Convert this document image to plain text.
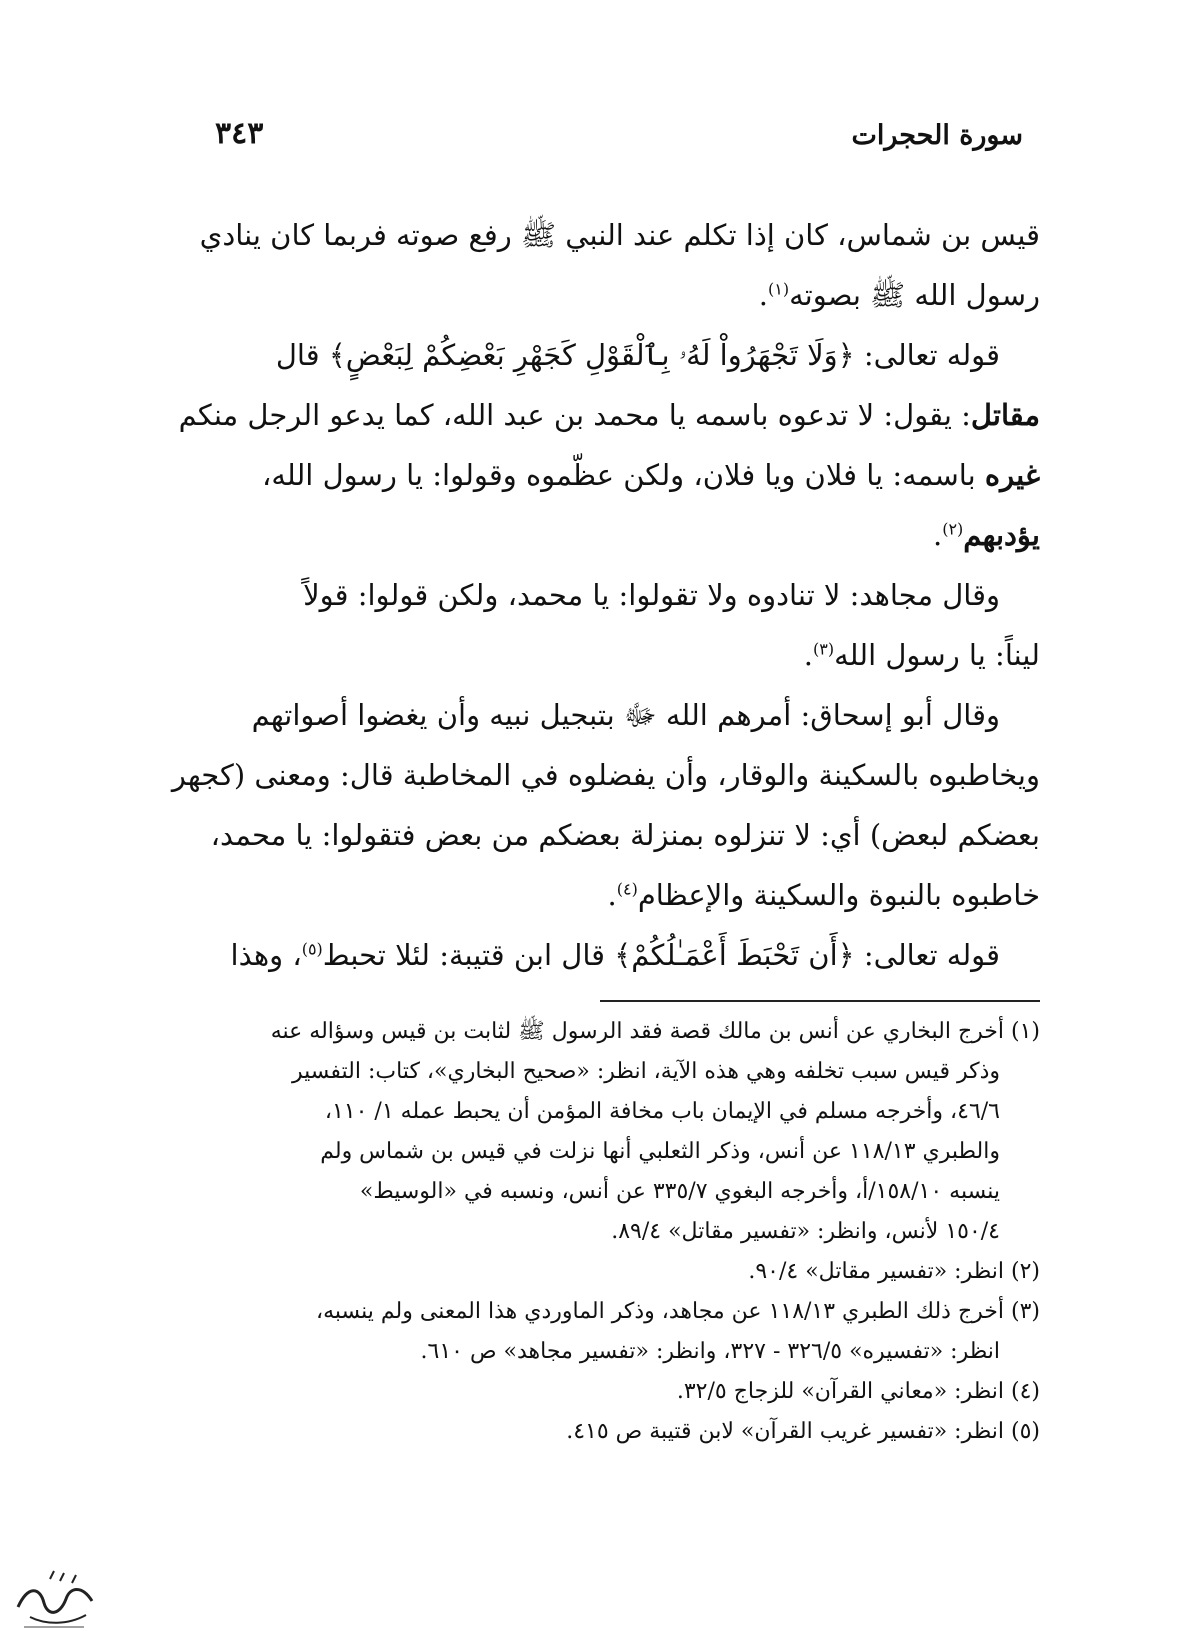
سورة الحجرات
٣٤٣
قيس بن شماس، كان إذا تكلم عند النبي ﷺ رفع صوته فربما كان ينادي
رسول الله ﷺ بصوته$^{(١)}$.
قوله تعالى: ﴿وَلَا تَجْهَرُواْ لَهُۥ بِٱلْقَوْلِ كَجَهْرِ بَعْضِكُمْ لِبَعْضٍ﴾ قال
مقاتل: يقول: لا تدعوه باسمه يا محمد بن عبد الله، كما يدعو الرجل منكم
غيره باسمه: يا فلان ويا فلان، ولكن عظّموه وقولوا: يا رسول الله،
يؤدبهم$^{(٢)}$.
وقال مجاهد: لا تنادوه ولا تقولوا: يا محمد، ولكن قولوا: قولاً
ليناً: يا رسول الله$^{(٣)}$.
وقال أبو إسحاق: أمرهم الله ﷻ بتبجيل نبيه وأن يغضوا أصواتهم
ويخاطبوه بالسكينة والوقار، وأن يفضلوه في المخاطبة قال: ومعنى (كجهر
بعضكم لبعض) أي: لا تنزلوه بمنزلة بعضكم من بعض فتقولوا: يا محمد،
خاطبوه بالنبوة والسكينة والإعظام$^{(٤)}$.
قوله تعالى: ﴿أَن تَحْبَطَ أَعْمَـٰلُكُمْ﴾ قال ابن قتيبة: لئلا تحبط$^{(٥)}$، وهذا
(١) أخرج البخاري عن أنس بن مالك قصة فقد الرسول ﷺ لثابت بن قيس وسؤاله عنه
وذكر قيس سبب تخلفه وهي هذه الآية، انظر: «صحيح البخاري»، كتاب: التفسير
٤٦/٦، وأخرجه مسلم في الإيمان باب مخافة المؤمن أن يحبط عمله ١/ ١١٠،
والطبري ١١٨/١٣ عن أنس، وذكر الثعلبي أنها نزلت في قيس بن شماس ولم
ينسبه ١٥٨/١٠/أ، وأخرجه البغوي ٣٣٥/٧ عن أنس، ونسبه في «الوسيط»
١٥٠/٤ لأنس، وانظر: «تفسير مقاتل» ٨٩/٤.
(٢) انظر: «تفسير مقاتل» ٩٠/٤.
(٣) أخرج ذلك الطبري ١١٨/١٣ عن مجاهد، وذكر الماوردي هذا المعنى ولم ينسبه،
انظر: «تفسيره» ٣٢٦/٥ - ٣٢٧، وانظر: «تفسير مجاهد» ص ٦١٠.
(٤) انظر: «معاني القرآن» للزجاج ٣٢/٥.
(٥) انظر: «تفسير غريب القرآن» لابن قتيبة ص ٤١٥.
